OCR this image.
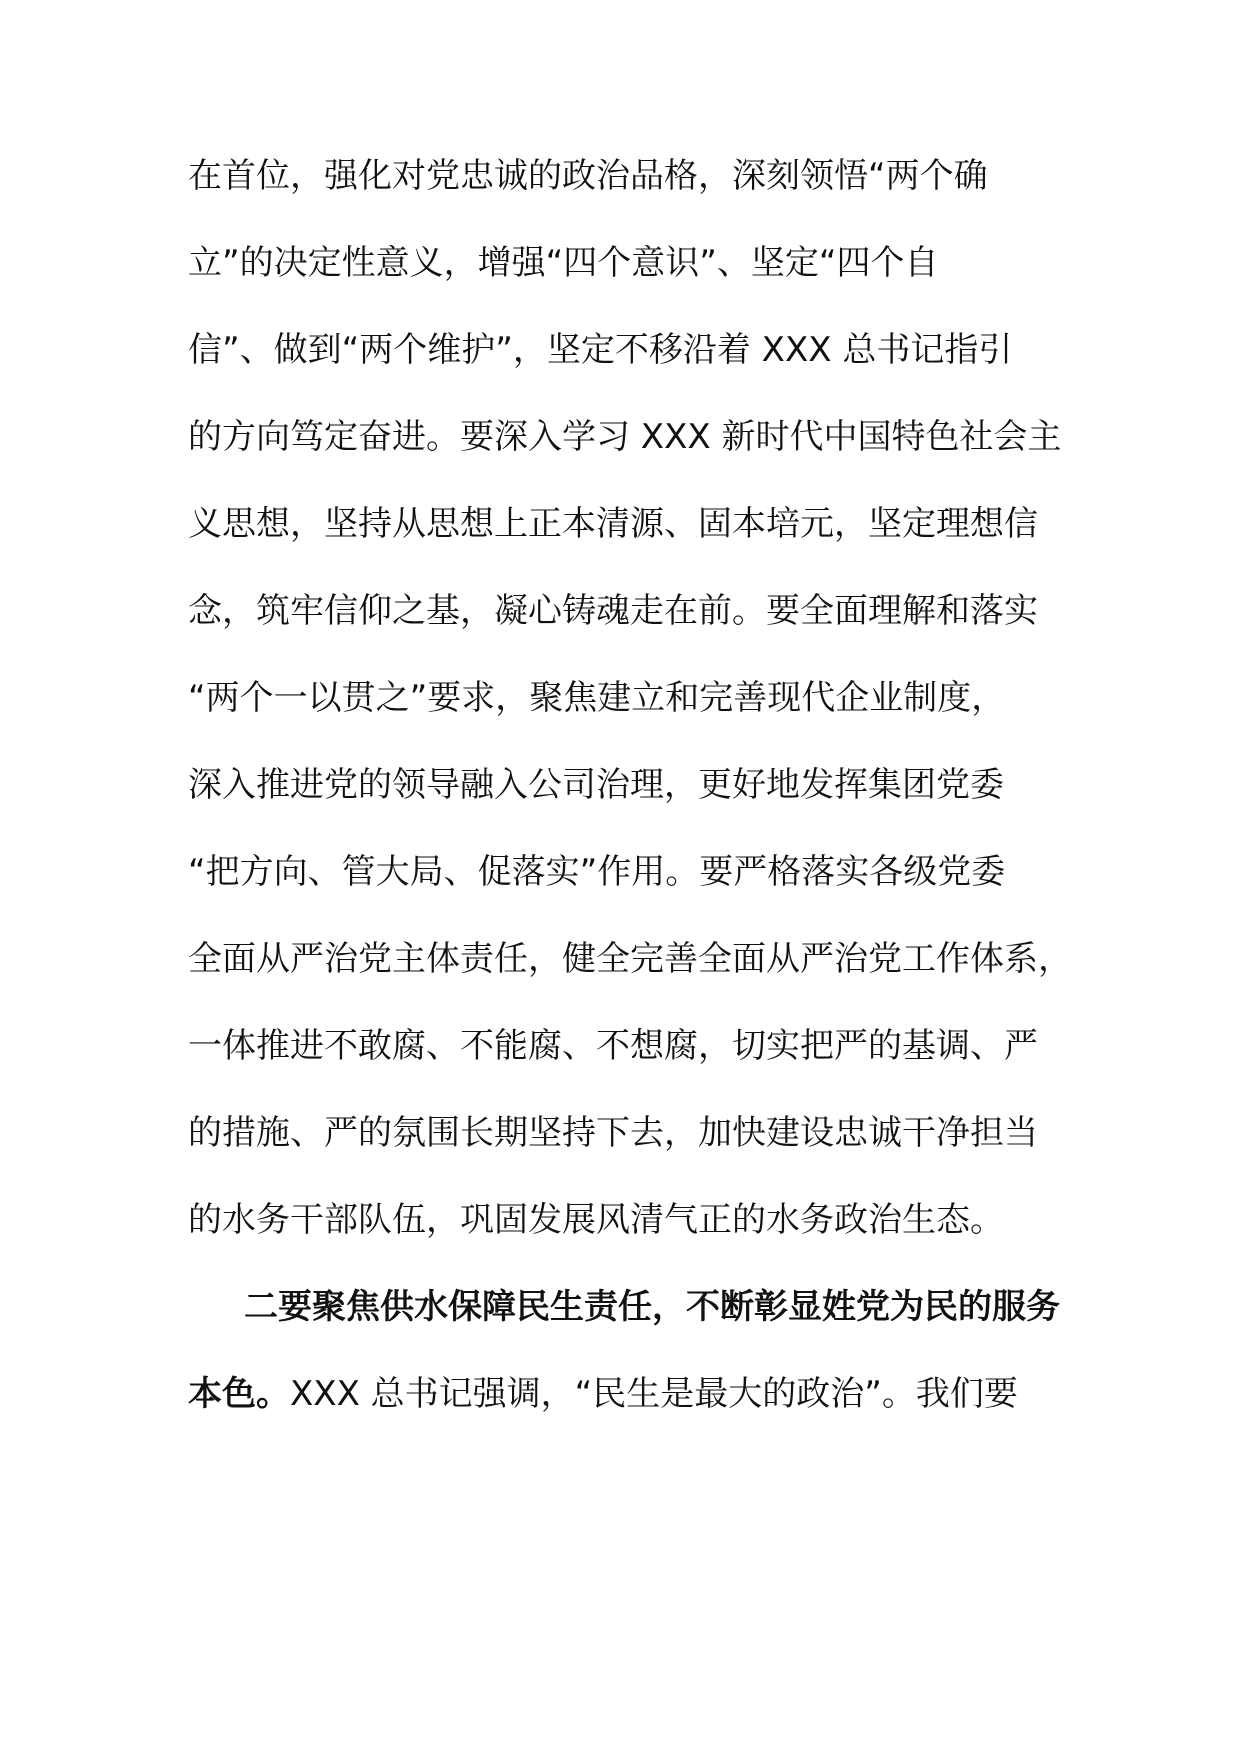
在首位，强化对党忠诚的政治品格，深刻领悟“两个确
立”的决定性意义，增强“四个意识”、坚定“四个自
信”、做到“两个维护”，坚定不移沿着 XXX 总书记指引
的方向笃定奋进。要深入学习 XXX 新时代中国特色社会主
义思想，坚持从思想上正本清源、固本培元，坚定理想信
念，筑牢信仰之基，凝心铸魂走在前。要全面理解和落实
“两个一以贯之”要求，聚焦建立和完善现代企业制度，
深入推进党的领导融入公司治理，更好地发挥集团党委
“把方向、管大局、促落实”作用。要严格落实各级党委
全面从严治党主体责任，健全完善全面从严治党工作体系，
一体推进不敢腐、不能腐、不想腐，切实把严的基调、严
的措施、严的氛围长期坚持下去，加快建设忠诚干净担当
的水务干部队伍，巩固发展风清气正的水务政治生态。
二要聚焦供水保障民生责任，不断彰显姓党为民的服务
本色。XXX 总书记强调，“民生是最大的政治”。我们要
